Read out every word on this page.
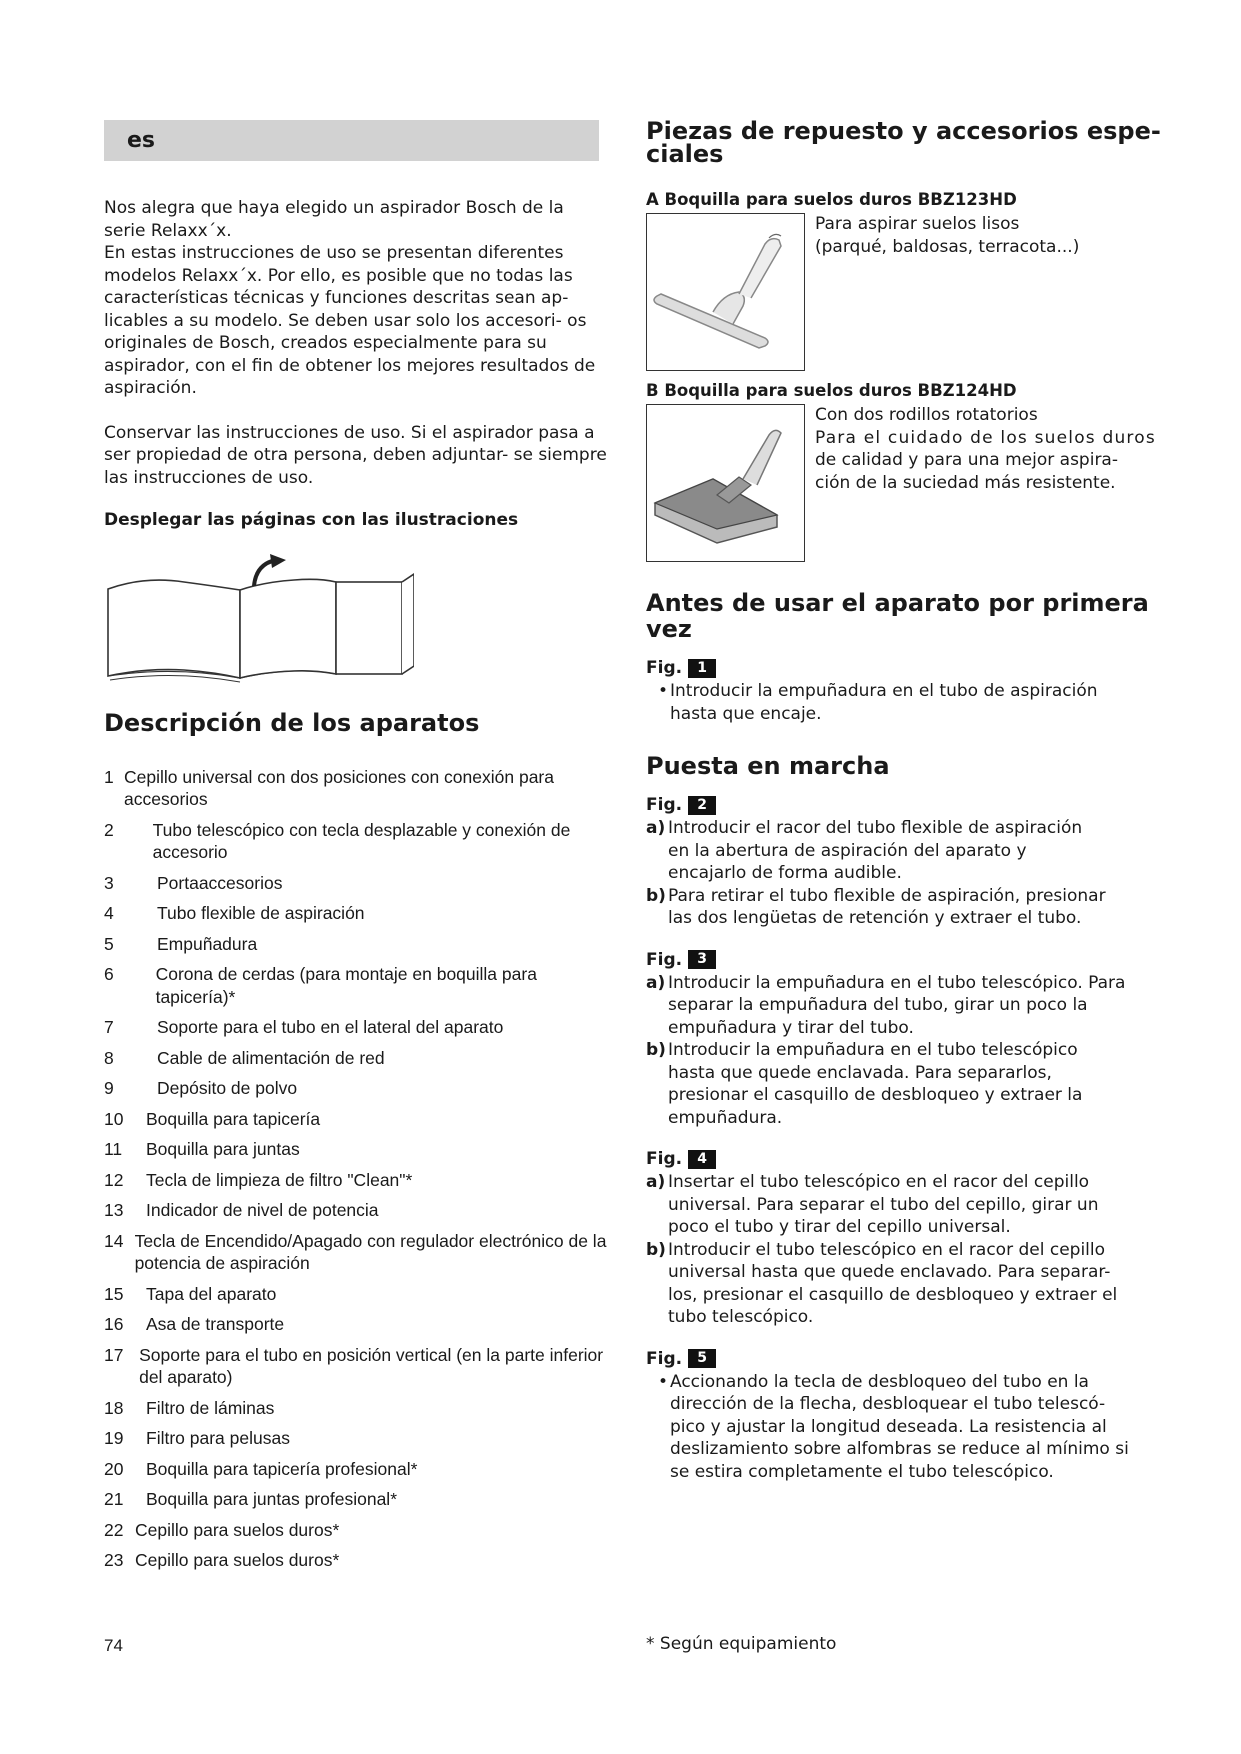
es

Nos alegra que haya elegido un aspirador Bosch de la serie Relaxx´x.

En estas instrucciones de uso se presentan diferentes modelos Relaxx´x. Por ello, es posible que no todas las características técnicas y funciones descritas sean ap- licables a su modelo. Se deben usar solo los accesori- os originales de Bosch, creados especialmente para su aspirador, con el fin de obtener los mejores resultados de aspiración.

Conservar las instrucciones de uso. Si el aspirador pasa a ser propiedad de otra persona, deben adjuntar- se siempre las instrucciones de uso.

Desplegar las páginas con las ilustraciones

Descripción de los aparatos
1 Cepillo universal con dos posiciones con conexión para accesorios
2	Tubo telescópico con tecla desplazable y conexión de accesorio
3	Portaaccesorios
4	Tubo flexible de aspiración
5	Empuñadura
6	Corona de cerdas (para montaje en boquilla para tapicería)*
7	Soporte para el tubo en el lateral del aparato
8	Cable de alimentación de red
9	Depósito de polvo
10	Boquilla para tapicería
11	Boquilla para juntas
12	Tecla de limpieza de filtro "Clean"*
13	Indicador de nivel de potencia
14 Tecla de Encendido/Apagado con regulador electrónico de la potencia de aspiración
15	Tapa del aparato
16	Asa de transporte
17 Soporte para el tubo en posición vertical (en la parte inferior del aparato)
18	Filtro de láminas
19	Filtro para pelusas
20	Boquilla para tapicería profesional*
21	Boquilla para juntas profesional*
22 Cepillo para suelos duros*
23 Cepillo para suelos duros*
Piezas de repuesto y accesorios espe- ciales
A Boquilla para suelos duros BBZ123HD
Para aspirar suelos lisos
(parqué, baldosas, terracota...)
B Boquilla para suelos duros BBZ124HD
Con dos rodillos rotatorios
Para el cuidado de los suelos duros
de calidad y para una mejor aspira-
ción de la suciedad más resistente.
Antes de usar el aparato por primera vez
Fig.	1
• Introducir la empuñadura en el tubo de aspiración hasta que encaje.
Puesta en marcha
Fig.	2
a) Introducir el racor del tubo flexible de aspiración en la abertura de aspiración del aparato y encajarlo de forma audible.
b) Para retirar el tubo flexible de aspiración, presionar las dos lengüetas de retención y extraer el tubo.
Fig.	3
a) Introducir la empuñadura en el tubo telescópico. Para separar la empuñadura del tubo, girar un poco la empuñadura y tirar del tubo.
b) Introducir la empuñadura en el tubo telescópico hasta que quede enclavada. Para separarlos, presionar el casquillo de desbloqueo y extraer la empuñadura.
Fig.	4
a) Insertar el tubo telescópico en el racor del cepillo universal. Para separar el tubo del cepillo, girar un poco el tubo y tirar del cepillo universal.
b) Introducir el tubo telescópico en el racor del cepillo universal hasta que quede enclavado. Para separar- los, presionar el casquillo de desbloqueo y extraer el tubo telescópico.
Fig.	5
• Accionando la tecla de desbloqueo del tubo en la dirección de la flecha, desbloquear el tubo telescó- pico y ajustar la longitud deseada. La resistencia al deslizamiento sobre alfombras se reduce al mínimo si se estira completamente el tubo telescópico.
* Según equipamiento
74
